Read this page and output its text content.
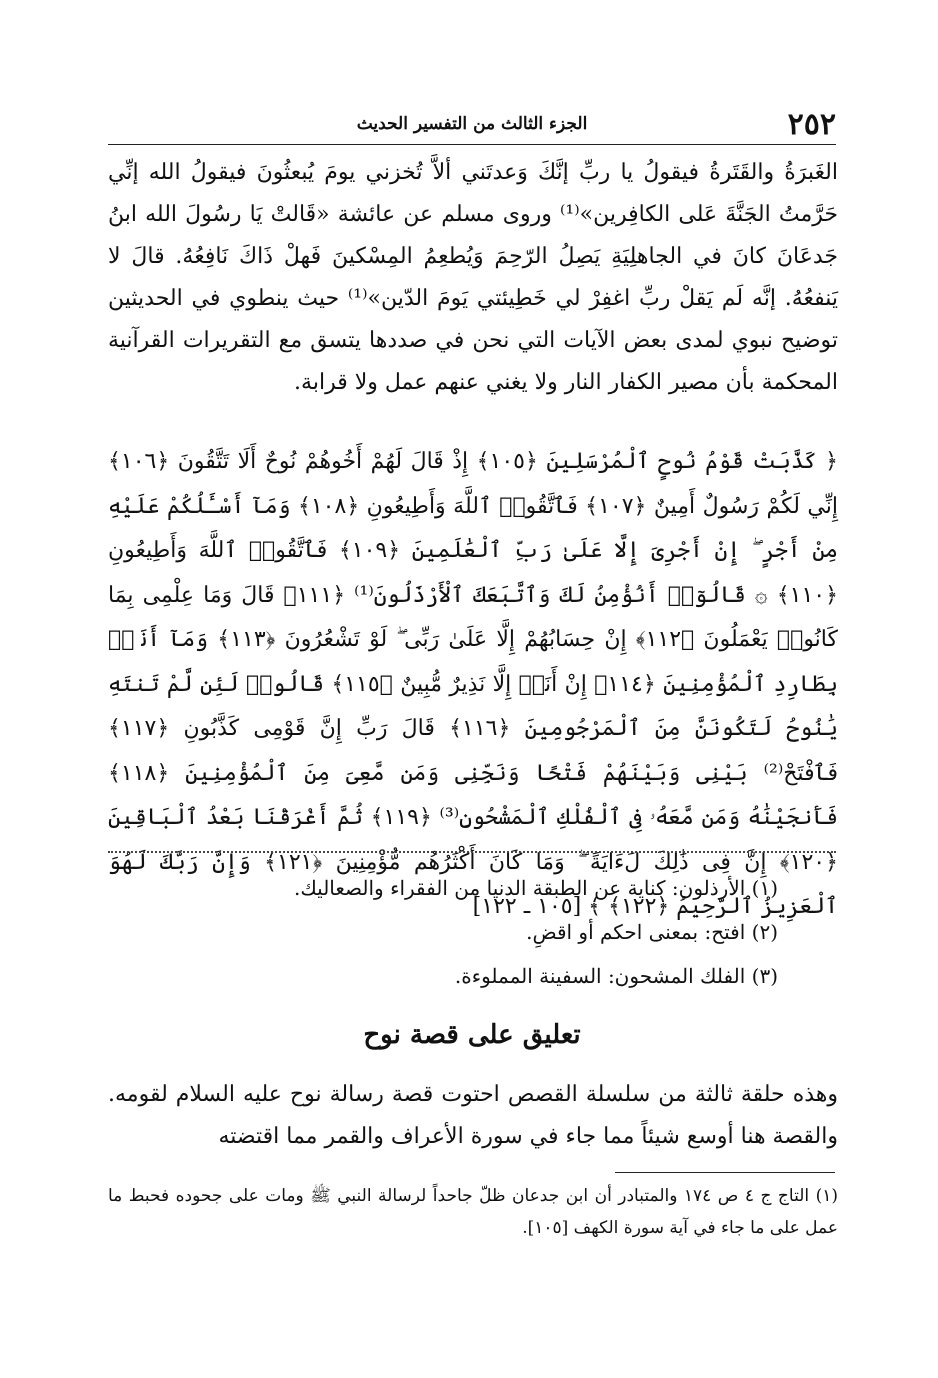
٢٥٢
الجزء الثالث من التفسير الحديث

الغَبرَةُ والقَتَرةُ فيقولُ يا ربِّ إنَّكَ وَعدتَني ألاَّ تُخزني يومَ يُبعثُونَ فيقولُ الله إنِّي حَرَّمتُ الجَنَّةَ عَلى الكافِرين»⁽¹⁾ وروى مسلم عن عائشة «قَالتْ يَا رسُولَ الله ابنُ جَدعَانَ كانَ في الجاهلِيَةِ يَصِلُ الرّحِمَ وَيُطعِمُ المِسْكينَ فَهلْ ذَاكَ نَافِعُهُ. قالَ لا يَنفعُهُ. إنَّه لَم يَقلْ ربِّ اغفِرْ لي خَطِيئتي يَومَ الدّين»⁽¹⁾ حيث ينطوي في الحديثين توضيح نبوي لمدى بعض الآيات التي نحن في صددها يتسق مع التقريرات القرآنية المحكمة بأن مصير الكفار النار ولا يغني عنهم عمل ولا قرابة.

﴿ كَذَّبَتْ قَوْمُ نُوحٍ ٱلْمُرْسَلِينَ ﴿١٠٥﴾ إِذْ قَالَ لَهُمْ أَخُوهُمْ نُوحٌ أَلَا تَتَّقُونَ ﴿١٠٦﴾ إِنِّي لَكُمْ رَسُولٌ أَمِينٌ ﴿١٠٧﴾ فَٱتَّقُوا۟ ٱللَّهَ وَأَطِيعُونِ ﴿١٠٨﴾ وَمَآ أَسْـَٔلُكُمْ عَلَيْهِ مِنْ أَجْرٍ ۖ إِنْ أَجْرِىَ إِلَّا عَلَىٰ رَبِّ ٱلْعَٰلَمِينَ ﴿١٠٩﴾ فَٱتَّقُوا۟ ٱللَّهَ وَأَطِيعُونِ ﴿١١٠﴾ ۞ قَالُوٓا۟ أَنُؤْمِنُ لَكَ وَٱتَّبَعَكَ ٱلْأَرْذَلُونَ⁽¹⁾ ﴿١١١﴾ قَالَ وَمَا عِلْمِى بِمَا كَانُوا۟ يَعْمَلُونَ ﴿١١٢﴾ إِنْ حِسَابُهُمْ إِلَّا عَلَىٰ رَبِّى ۖ لَوْ تَشْعُرُونَ ﴿١١٣﴾ وَمَآ أَنَا۠ بِطَارِدِ ٱلْمُؤْمِنِينَ ﴿١١٤﴾ إِنْ أَنَا۠ إِلَّا نَذِيرٌ مُّبِينٌ ﴿١١٥﴾ قَالُوا۟ لَئِن لَّمْ تَنتَهِ يَٰنُوحُ لَتَكُونَنَّ مِنَ ٱلْمَرْجُومِينَ ﴿١١٦﴾ قَالَ رَبِّ إِنَّ قَوْمِى كَذَّبُونِ ﴿١١٧﴾ فَٱفْتَحْ⁽²⁾ بَيْنِى وَبَيْنَهُمْ فَتْحًا وَنَجِّنِى وَمَن مَّعِىَ مِنَ ٱلْمُؤْمِنِينَ ﴿١١٨﴾ فَأَنجَيْنَٰهُ وَمَن مَّعَهُۥ فِى ٱلْفُلْكِ ٱلْمَشْحُونِ⁽³⁾ ﴿١١٩﴾ ثُمَّ أَغْرَقْنَا بَعْدُ ٱلْبَاقِينَ ﴿١٢٠﴾ إِنَّ فِى ذَٰلِكَ لَءَايَةً ۖ وَمَا كَانَ أَكْثَرُهُم مُّؤْمِنِينَ ﴿١٢١﴾ وَإِنَّ رَبَّكَ لَهُوَ ٱلْعَزِيزُ ٱلرَّحِيمُ ﴿١٢٢﴾ ﴾ [١٠٥ ـ ١٢٢]

(١) الأرذلون: كناية عن الطبقة الدنيا من الفقراء والصعاليك.

(٢) افتح: بمعنى احكم أو اقضِ.

(٣) الفلك المشحون: السفينة المملوءة.

تعليق على قصة نوح

وهذه حلقة ثالثة من سلسلة القصص احتوت قصة رسالة نوح عليه السلام لقومه. والقصة هنا أوسع شيئاً مما جاء في سورة الأعراف والقمر مما اقتضته

(١) التاج ج ٤ ص ١٧٤ والمتبادر أن ابن جدعان ظلّ جاحداً لرسالة النبي ﷺ ومات على جحوده فحبط ما عمل على ما جاء في آية سورة الكهف [١٠٥].
